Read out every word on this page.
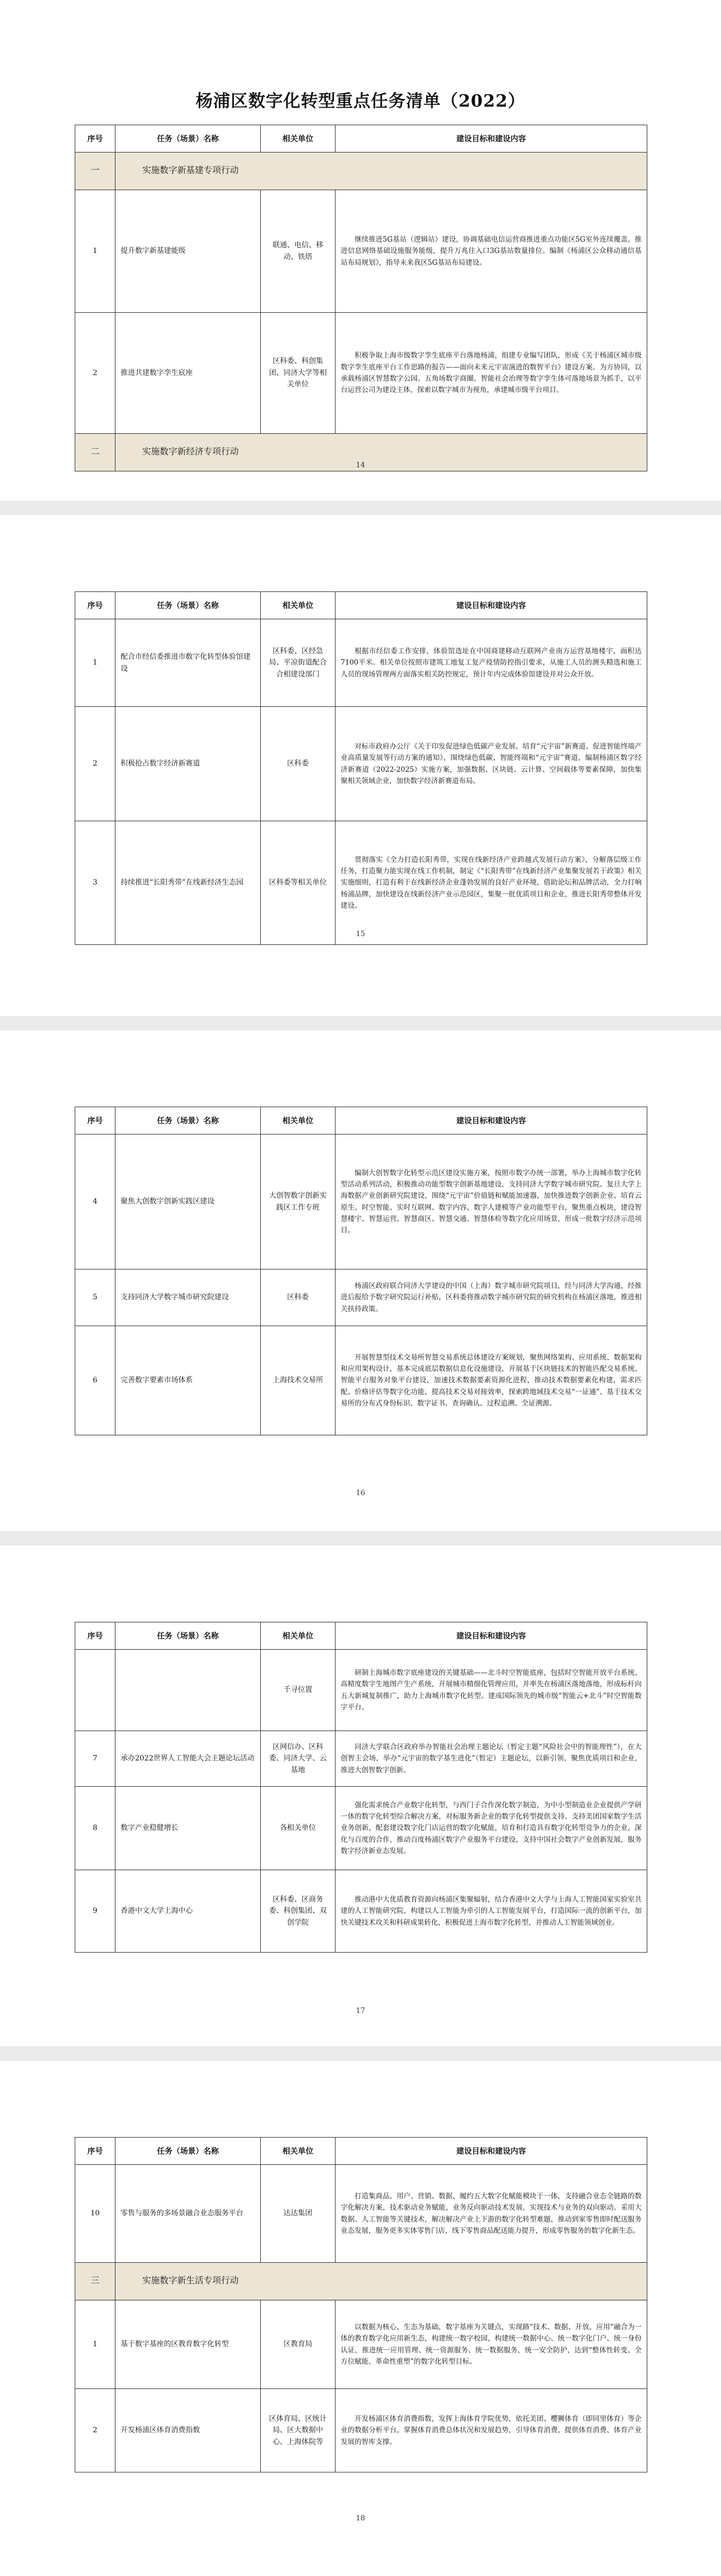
杨浦区数字化转型重点任务清单（2022）
序号	任务（场景）名称	相关单位	建设目标和建设内容
一	实施数字新基建专项行动		
1	提升数字新基建能级	联通、电信、移动、铁塔	继续推进5G基站（逻辑站）建设，协调基础电信运营商推进重点功能区5G室外连续覆盖，推进信息网络基础设施服务能级，提升万兆住入口3G基站数量排位。编制《杨浦区公众移动通信基站布局规划》，指导未来我区5G基站布局建设。
2	推进共建数字孪生底座	区科委、科创集团、同济大学等相关单位	积极争取上海市级数字孪生底座平台落地杨浦，组建专业编写团队，形成《关于杨浦区城市级数字孪生底座平台工作思路的报告——面向未来元宇宙演进的数智平台》建设方案。为方协同，以承载杨浦区智慧数字公园、五角场数字商圈、智能社会治理等数字孪生体可落地场景为抓手，以平台运营公司为建设主体，探索以数字城市为视角，承建城市级平台项目。
二	实施数字新经济专项行动		
14
序号	任务（场景）名称	相关单位	建设目标和建设内容
1	配合市经信委推进市数字化转型体验馆建设	区科委、区经急局、平凉街道配合合相建设部门	根据市经信委工作安排，体验馆选址在中国商建移动互联网产业南方运营基地楼宇，面积达7100平米。相关单位按照市建筑工地复工复产疫情防控指引要求，从施工人员的测头精选和施工人员的现场管理两方面落实相关防控规定，预计年内完成体验馆建设并对公众开放。
2	积极抢占数字经济新赛道	区科委	对标市政府办公厅《关于印发促进绿色低碳产业发展、培育“元宇宙”新赛道、促进智能终端产业高质量发展等行动方案的通知》，围绕绿色低碳、智能终端和“元宇宙”赛道，编制杨浦区数字经济新赛道（2022-2025）实施方案，加强数据、区块链、云计算、空间载体等要素保障，加快集聚相关领域企业，加快数字经济新赛道布局。
3	持续推进“长阳秀带”在线新经济生态园	区科委等相关单位	贯彻落实《全力打造长阳秀带，实现在线新经济产业跨越式发展行动方案》，分解落层级工作任务，打造聚力能实现在线工作机制，制定《“长阳秀带”在线新经济产业集聚发展若干政策》相关实施细则，打造有利于在线新经济企业蓬勃发展的良好产业环境，借助论坛和品牌活动，全力打响杨浦品牌，加快建设在线新经济产业示范园区，集聚一批优质项目和企业，推进长阳秀带整体开发建设。
15
序号	任务（场景）名称	相关单位	建设目标和建设内容
4	聚焦大创数字创新实践区建设	大创智数字创新实践区工作专班	编制大创智数字化转型示范区建设实施方案，按照市数字办统一部署，举办上海城市数字化转型活动系列活动，积极推动功能型数字创新基地建设，支持同济大学数字城市研究院、复旦大学上海数据产业创新研究院建设，围绕“元宇宙”价值链和赋能加速器，加快推进数字创新企业、培育云原生、时空智能、实时互联网、数字内容、数字人建模等产业功能型平台，聚焦重点板块，建设智慧楼宇、智慧运营、智慧商区、智慧交通、智慧体检等数字化应用场景，形成一批数字经济示范项目。
5	支持同济大学数字城市研究院建设	区科委	杨浦区政府联合同济大学建设的中国（上海）数字城市研究院项目，经与同济大学沟通，经推进后报给予数字研究院运行补贴，区科委将推动数字城市研究院的研究机构在杨浦区落地，推进相关扶持政策。
6	完善数字要素市场体系	上海技术交易所	开展智慧型技术交易所智慧交易系统总体建设方案规划，聚焦网络架构、应用系统、数据架构和应用架构设计，基本完成底层数据信息化设施建设，开展基于区块链技术的智能匹配交易系统、智能平台服务对象平台建设，加速技术数据要素资源化进程，推动技术数据要素化构建，需求匹配、价格评估等数字化功能，提高技术交易对接效率，探索跨地域技术交易“一证通”、基于技术交易所的分布式身份标识、数字证书、查询确认、过程追溯、全证溯源。
16
序号	任务（场景）名称	相关单位	建设目标和建设内容
		千寻位置	研制上海城市数字底座建设的关键基础——北斗时空智能底座，包括时空智能开放平台系统、高精度数字生地图产生产系统，开展城市精细化管理应用，并率先在杨浦区落地落地，形成标杆向五大新城复制推广，助力上海城市数字化转型。建成国际领先的城市级“智能云+北斗”时空智能数字平台。
7	承办2022世界人工智能大会主题论坛活动	区网信办、区科委、同济大学、云基地	同济大学联合区政府举办智能社会治理主题论坛（暂定主题“风险社会中的智能理性”），在大创智主会场，举办“元宇宙的数字基生进化”（暂定）主题论坛，以新引领、聚焦优质项目和企业，推进大创智数字创新。
8	数字产业稳健增长	各相关单位	强化需求统合产业数字化转型，与西门子合作深化数字制造，为中小型制造业企业提供产学研一体的数字化转型综合解决方案，对标服务新企业的数字化转型提供支持。支持美团国家数字生活业务创新，配套建设数字化门店运营的数字化赋能，培育和打造具有数字化转型竞争力的企业，深化与百度的合作，推动百度杨浦区数字产业服务平台建设，支持中国社会数字产业创新发展，服务数字经济新业态发展。
9	香港中文大学上海中心	区科委、区商务委、科创集团、双创学院	推动港中大优质教育资源向杨浦区集聚辐射，结合香港中文大学与上海人工智能国家实验室共建的人工智能研究院，构建以人工智能为牵引的人工智能发展平台，打造国际一流的创新平台，加快关键技术攻关和科研成果转化，积极促进上海市数字化转型，并推动人工智能领域创业。
17
序号	任务（场景）名称	相关单位	建设目标和建设内容
10	零售与服务的多场景融合业态服务平台	达达集团	打造集商品、用户、营销、数据、履约五大数字化赋能模块于一体，支持融合业态全链路的数字化解决方案，技术驱动业务赋能，业务反向驱动技术发展，实现技术与业务的双向驱动。采用大数据、人工智能等关键技术，解决解决产业上下游的数字化转型难题，推动到家零售即时配送服务业态发展，服务更多实体零售门店，线下零售商品配送能力提升，形成零售服务的数字化新生态。
三	实施数字新生活专项行动		
1	基于数字基座的区教育数字化转型	区教育局	以数据为核心、生态为基础，数字基座为关键点，实现路“技术、数据、开放、应用”融合为一体的教育数字化应用新生态，构建统一数字校园，构建统一数据中心、统一数字化门户、统一身份认证，推进统一应用管理、统一资源服务、统一数据服务，统一安全防护，达到“整体性转变、全方位赋能、革命性重塑”的数字化转型目标。
2	开发杨浦区体育消费指数	区体育局、区统计局、区大数据中心、上海体院等	开发杨浦区体育消费指数，发挥上海体育学院优势，依托美团、樱狮体育（即同里体育）等企业的数据分析平台，掌握体育消费总体状况和发展趋势，引导体育消费，提供体育消费、体育产业发展的智库支撑。
18
